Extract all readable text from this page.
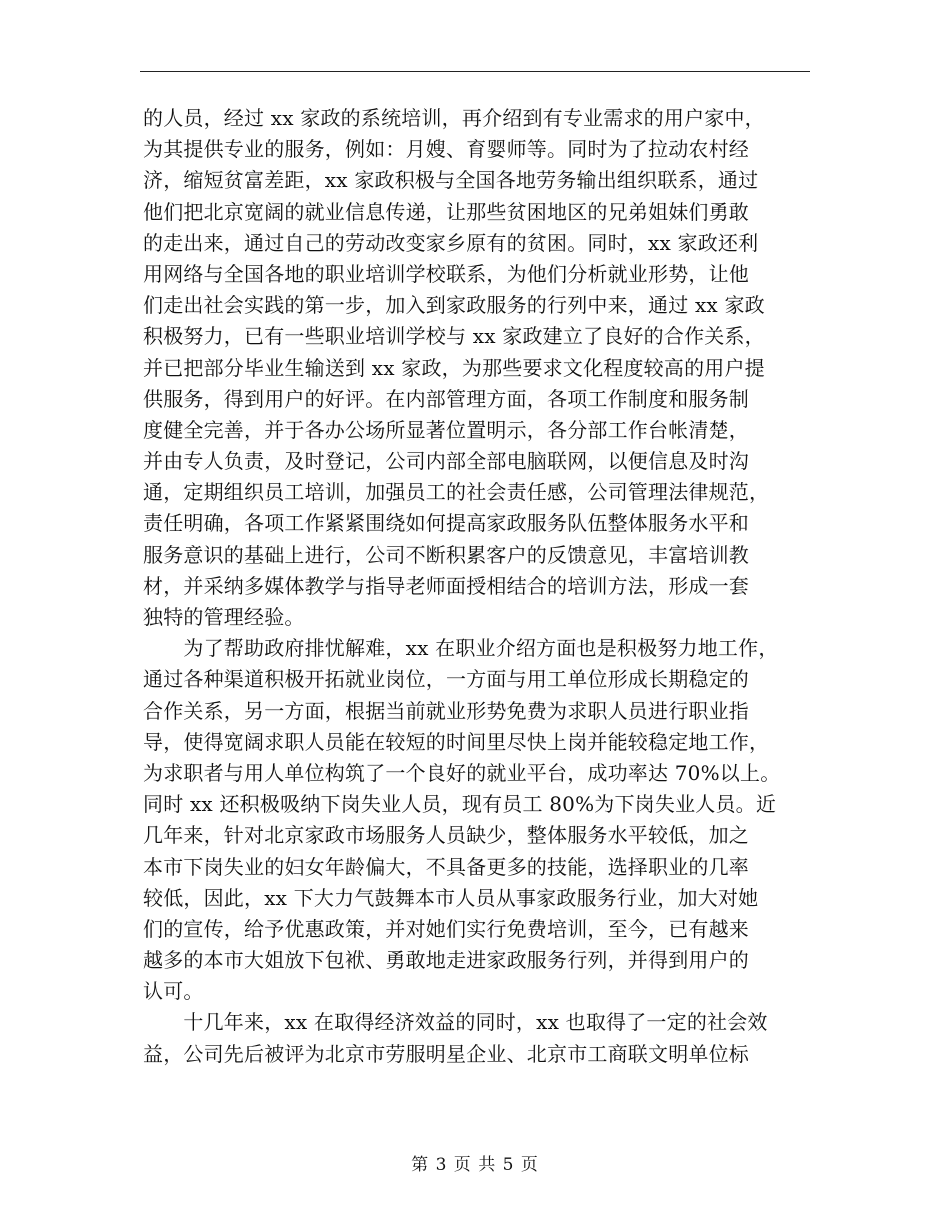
的人员，经过 xx 家政的系统培训，再介绍到有专业需求的用户家中，
为其提供专业的服务，例如：月嫂、育婴师等。同时为了拉动农村经
济，缩短贫富差距，xx 家政积极与全国各地劳务输出组织联系，通过
他们把北京宽阔的就业信息传递，让那些贫困地区的兄弟姐妹们勇敢
的走出来，通过自己的劳动改变家乡原有的贫困。同时，xx 家政还利
用网络与全国各地的职业培训学校联系，为他们分析就业形势，让他
们走出社会实践的第一步，加入到家政服务的行列中来，通过 xx 家政
积极努力，已有一些职业培训学校与 xx 家政建立了良好的合作关系，
并已把部分毕业生输送到 xx 家政，为那些要求文化程度较高的用户提
供服务，得到用户的好评。在内部管理方面，各项工作制度和服务制
度健全完善，并于各办公场所显著位置明示，各分部工作台帐清楚，
并由专人负责，及时登记，公司内部全部电脑联网，以便信息及时沟
通，定期组织员工培训，加强员工的社会责任感，公司管理法律规范，
责任明确，各项工作紧紧围绕如何提高家政服务队伍整体服务水平和
服务意识的基础上进行，公司不断积累客户的反馈意见，丰富培训教
材，并采纳多媒体教学与指导老师面授相结合的培训方法，形成一套
独特的管理经验。
　　为了帮助政府排忧解难，xx 在职业介绍方面也是积极努力地工作，
通过各种渠道积极开拓就业岗位，一方面与用工单位形成长期稳定的
合作关系，另一方面，根据当前就业形势免费为求职人员进行职业指
导，使得宽阔求职人员能在较短的时间里尽快上岗并能较稳定地工作，
为求职者与用人单位构筑了一个良好的就业平台，成功率达 70%以上。
同时 xx 还积极吸纳下岗失业人员，现有员工 80%为下岗失业人员。近
几年来，针对北京家政市场服务人员缺少，整体服务水平较低，加之
本市下岗失业的妇女年龄偏大，不具备更多的技能，选择职业的几率
较低，因此，xx 下大力气鼓舞本市人员从事家政服务行业，加大对她
们的宣传，给予优惠政策，并对她们实行免费培训，至今，已有越来
越多的本市大姐放下包袱、勇敢地走进家政服务行列，并得到用户的
认可。
　　十几年来，xx 在取得经济效益的同时，xx 也取得了一定的社会效
益，公司先后被评为北京市劳服明星企业、北京市工商联文明单位标
第 3 页 共 5 页
